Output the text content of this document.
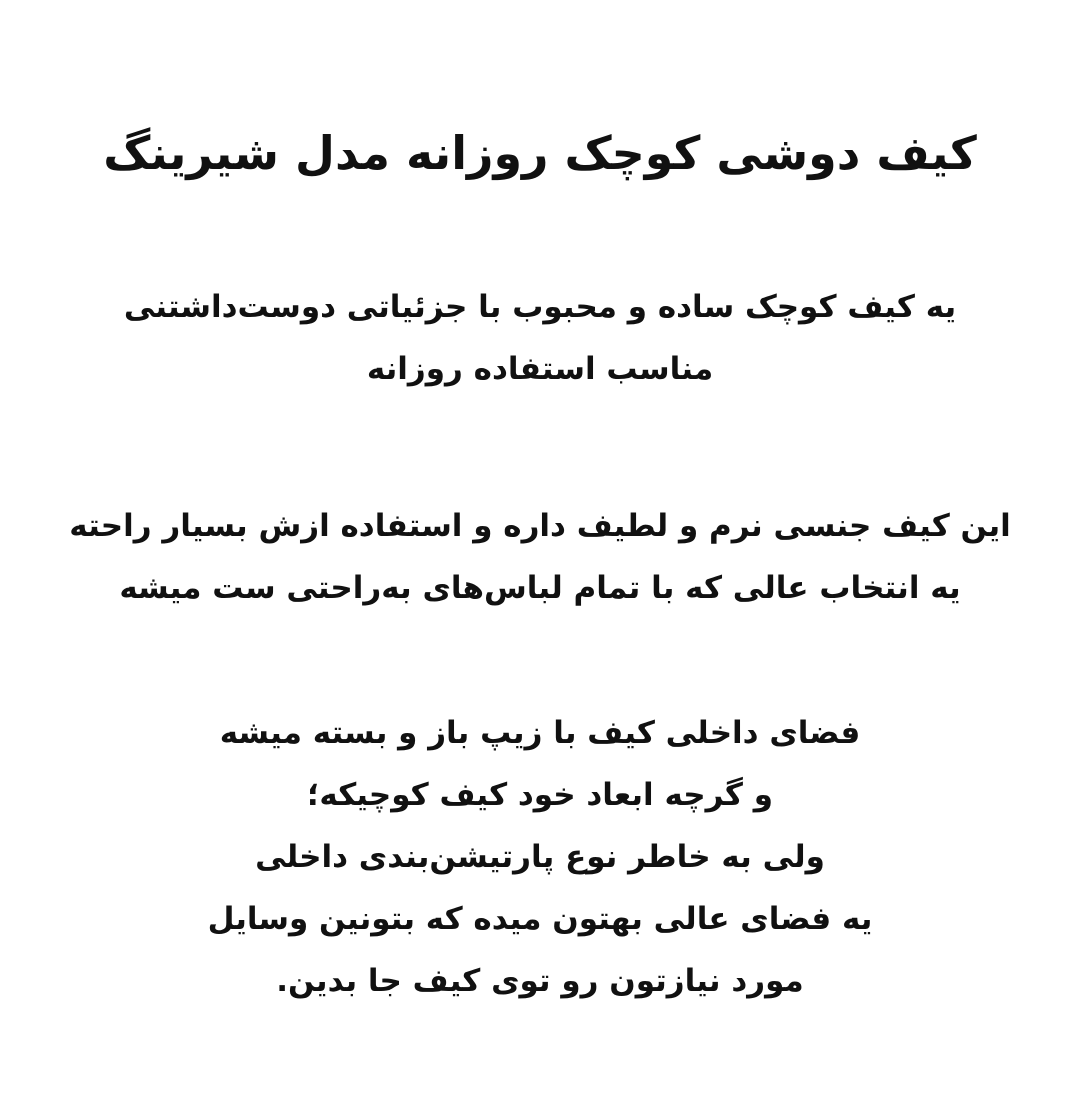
کیف دوشی کوچک روزانه مدل شیرینگ

یه کیف کوچک ساده و محبوب با جزئیاتی دوست‌داشتنی
مناسب استفاده روزانه

این کیف جنسی نرم و لطیف داره و استفاده ازش بسیار راحته
یه انتخاب عالی که با تمام لباس‌های به‌راحتی ست میشه

فضای داخلی کیف با زیپ باز و بسته میشه
و گرچه ابعاد خود کیف کوچیکه؛
ولی به خاطر نوع پارتیشن‌بندی داخلی
یه فضای عالی بهتون میده که بتونین وسایل
مورد نیازتون رو توی کیف جا بدین.
